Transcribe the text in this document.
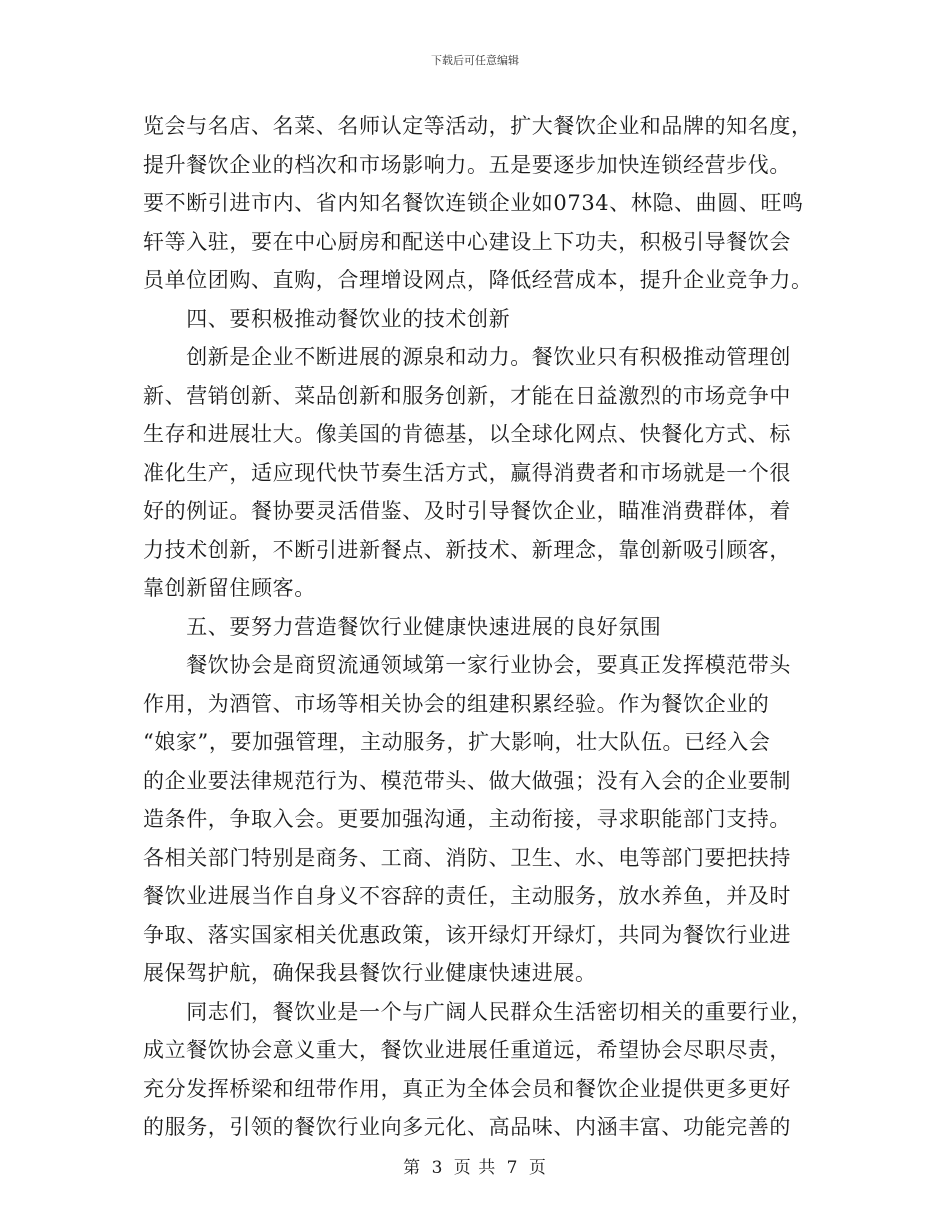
下载后可任意编辑
览会与名店、名菜、名师认定等活动，扩大餐饮企业和品牌的知名度，
提升餐饮企业的档次和市场影响力。五是要逐步加快连锁经营步伐。
要不断引进市内、省内知名餐饮连锁企业如0734、林隐、曲圆、旺鸣
轩等入驻，要在中心厨房和配送中心建设上下功夫，积极引导餐饮会
员单位团购、直购，合理增设网点，降低经营成本，提升企业竞争力。
　　四、要积极推动餐饮业的技术创新
　　创新是企业不断进展的源泉和动力。餐饮业只有积极推动管理创
新、营销创新、菜品创新和服务创新，才能在日益激烈的市场竞争中
生存和进展壮大。像美国的肯德基，以全球化网点、快餐化方式、标
准化生产，适应现代快节奏生活方式，赢得消费者和市场就是一个很
好的例证。餐协要灵活借鉴、及时引导餐饮企业，瞄准消费群体，着
力技术创新，不断引进新餐点、新技术、新理念，靠创新吸引顾客，
靠创新留住顾客。
　　五、要努力营造餐饮行业健康快速进展的良好氛围
　　餐饮协会是商贸流通领域第一家行业协会，要真正发挥模范带头
作用，为酒管、市场等相关协会的组建积累经验。作为餐饮企业的
“娘家”，要加强管理，主动服务，扩大影响，壮大队伍。已经入会
的企业要法律规范行为、模范带头、做大做强；没有入会的企业要制
造条件，争取入会。更要加强沟通，主动衔接，寻求职能部门支持。
各相关部门特别是商务、工商、消防、卫生、水、电等部门要把扶持
餐饮业进展当作自身义不容辞的责任，主动服务，放水养鱼，并及时
争取、落实国家相关优惠政策，该开绿灯开绿灯，共同为餐饮行业进
展保驾护航，确保我县餐饮行业健康快速进展。
　　同志们，餐饮业是一个与广阔人民群众生活密切相关的重要行业，
成立餐饮协会意义重大，餐饮业进展任重道远，希望协会尽职尽责，
充分发挥桥梁和纽带作用，真正为全体会员和餐饮企业提供更多更好
的服务，引领的餐饮行业向多元化、高品味、内涵丰富、功能完善的
第 3 页 共 7 页
